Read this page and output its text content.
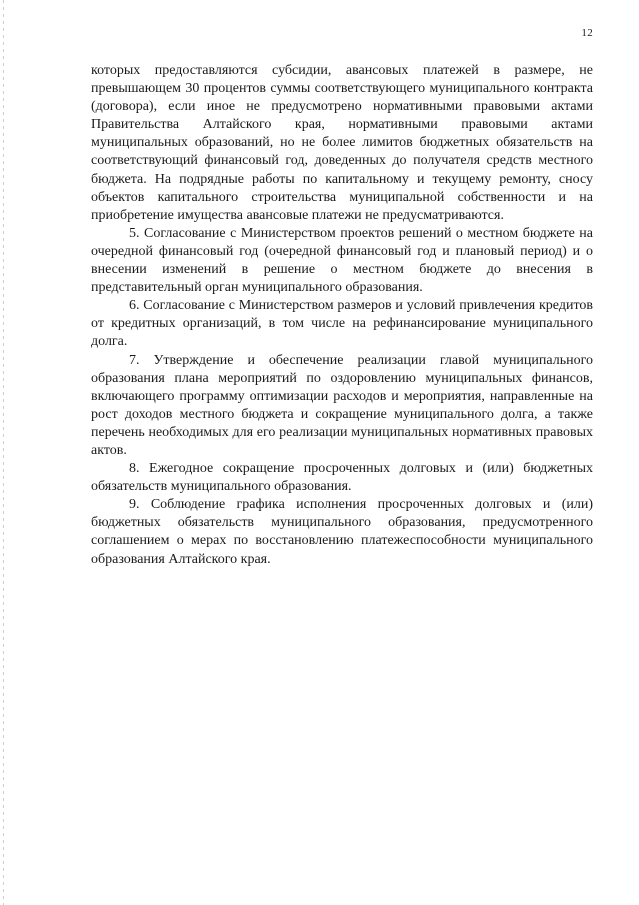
12

которых предоставляются субсидии, авансовых платежей в размере, не превышающем 30 процентов суммы соответствующего муниципального контракта (договора), если иное не предусмотрено нормативными правовыми актами Правительства Алтайского края, нормативными правовыми актами муниципальных образований, но не более лимитов бюджетных обязательств на соответствующий финансовый год, доведенных до получателя средств местного бюджета. На подрядные работы по капитальному и текущему ремонту, сносу объектов капитального строительства муниципальной собственности и на приобретение имущества авансовые платежи не предусматриваются.

5. Согласование с Министерством проектов решений о местном бюджете на очередной финансовый год (очередной финансовый год и плановый период) и о внесении изменений в решение о местном бюджете до внесения в представительный орган муниципального образования.

6. Согласование с Министерством размеров и условий привлечения кредитов от кредитных организаций, в том числе на рефинансирование муниципального долга.

7. Утверждение и обеспечение реализации главой муниципального образования плана мероприятий по оздоровлению муниципальных финансов, включающего программу оптимизации расходов и мероприятия, направленные на рост доходов местного бюджета и сокращение муниципального долга, а также перечень необходимых для его реализации муниципальных нормативных правовых актов.

8. Ежегодное сокращение просроченных долговых и (или) бюджетных обязательств муниципального образования.

9. Соблюдение графика исполнения просроченных долговых и (или) бюджетных обязательств муниципального образования, предусмотренного соглашением о мерах по восстановлению платежеспособности муниципального образования Алтайского края.
